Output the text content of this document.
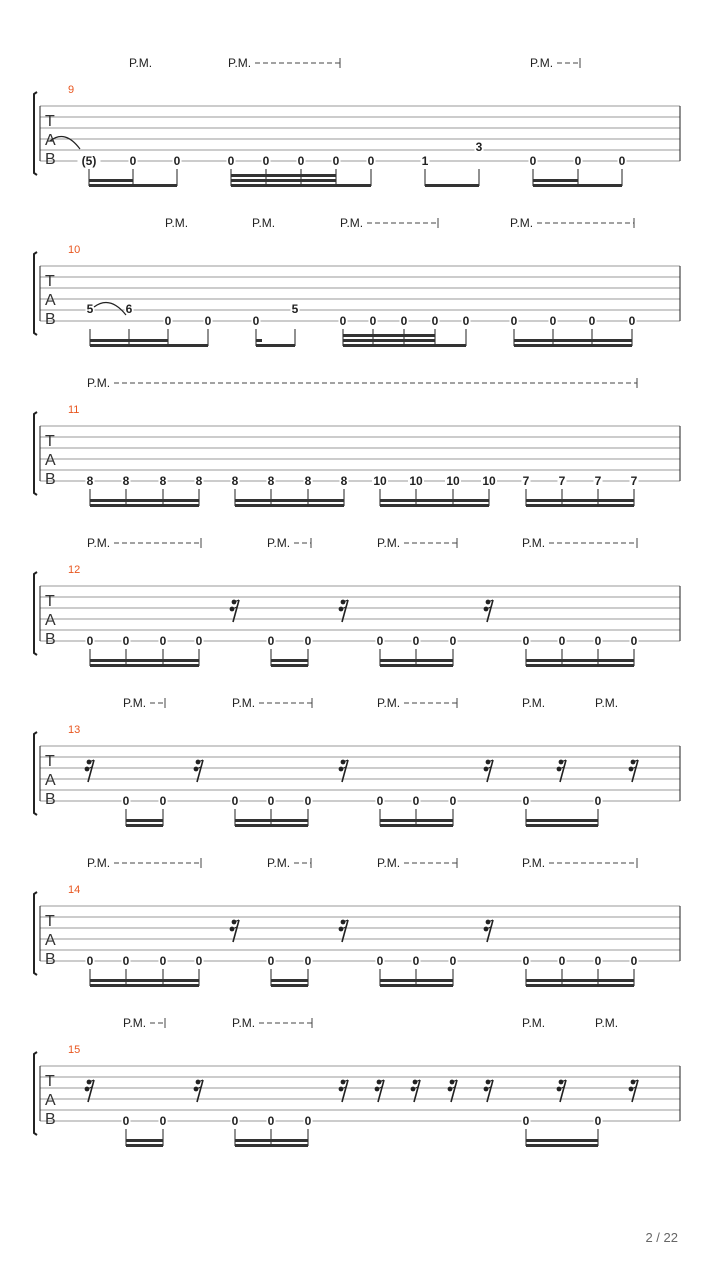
T
A
B
9
P.M.	P.M.	P.M.
(5)	0	0	0 0 0 0 0	1
3
0	0	0
T
A
B
10
P.M.	P.M.	P.M.	P.M.
5	6
0	0	0
5
0 0 0 0 0	0	0	0	0
T
A
B
11
P.M.
8 8	8 8 8 8	8 8 10 10 10 10 7 7 7 7
T
A
B
12
P.M.	P.M.	P.M.	P.M.
0 0	0 0	0	0	0 0	0	0 0 0 0
T
A
B
13
P.M.	P.M.	P.M.	P.M.	P.M.
0	0	0 0	0	0 0	0	0	0
T
A
B
14
P.M.	P.M.	P.M.	P.M.
0 0	0 0	0	0	0 0	0	0 0 0 0
T
A
B
15
P.M.	P.M.	P.M.	P.M.
0	0	0 0	0	0	0
2 / 22
